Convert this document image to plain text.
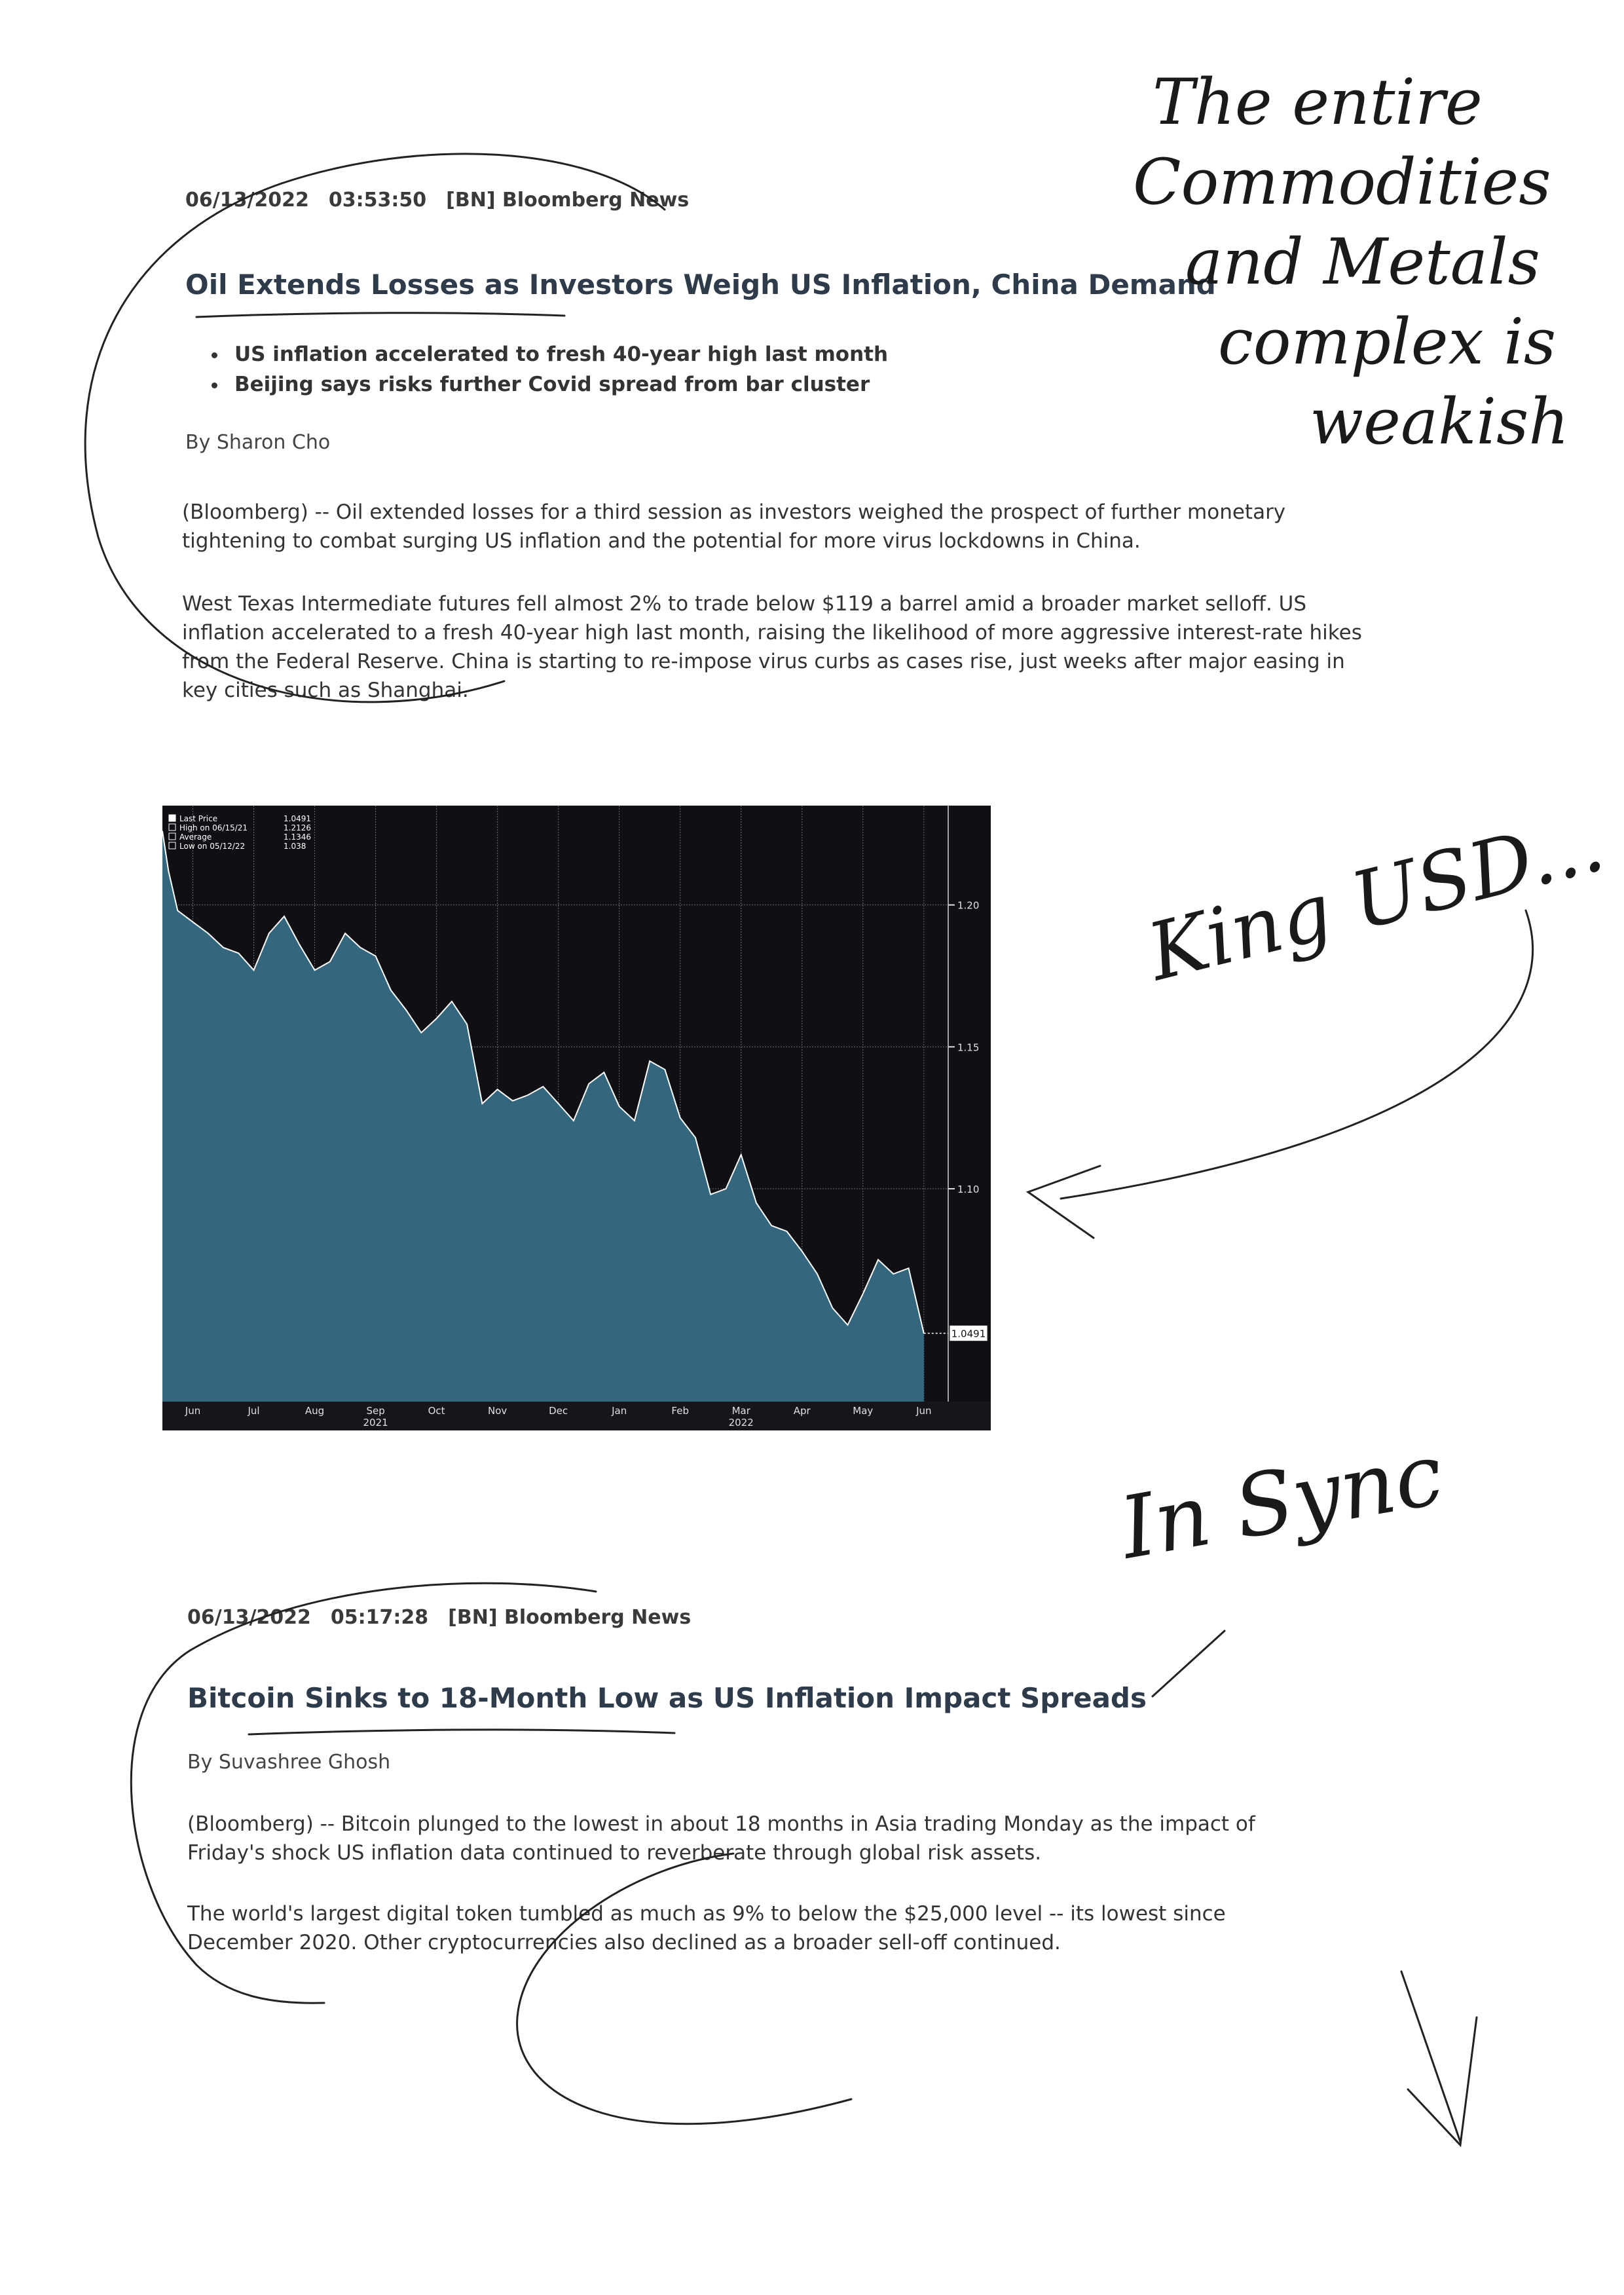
06/13/2022 03:53:50 [BN] Bloomberg News
Oil Extends Losses as Investors Weigh US Inflation, China Demand
• US inflation accelerated to fresh 40-year high last month
• Beijing says risks further Covid spread from bar cluster
By Sharon Cho
(Bloomberg) -- Oil extended losses for a third session as investors weighed the prospect of further monetary tightening to combat surging US inflation and the potential for more virus lockdowns in China.
West Texas Intermediate futures fell almost 2% to trade below $119 a barrel amid a broader market selloff. US inflation accelerated to a fresh 40-year high last month, raising the likelihood of more aggressive interest-rate hikes from the Federal Reserve. China is starting to re-impose virus curbs as cases rise, just weeks after major easing in key cities such as Shanghai.
1.0491
1.10
1.15
1.20
Jun	Jul	Aug	Sep	Oct	Nov	Dec	Jan	Feb	Mar	Apr	May	Jun
2021	2022
Last Price	1.0491
High on 06/15/21	1.2126
Average	1.1346
Low on 05/12/22	1.038
06/13/2022 05:17:28 [BN] Bloomberg News
Bitcoin Sinks to 18-Month Low as US Inflation Impact Spreads
By Suvashree Ghosh
(Bloomberg) -- Bitcoin plunged to the lowest in about 18 months in Asia trading Monday as the impact of Friday's shock US inflation data continued to reverberate through global risk assets.
The world's largest digital token tumbled as much as 9% to below the $25,000 level -- its lowest since December 2020. Other cryptocurrencies also declined as a broader sell-off continued.
The entire
Commodities
and Metals
complex is
weakish
King USD...
In Sync
